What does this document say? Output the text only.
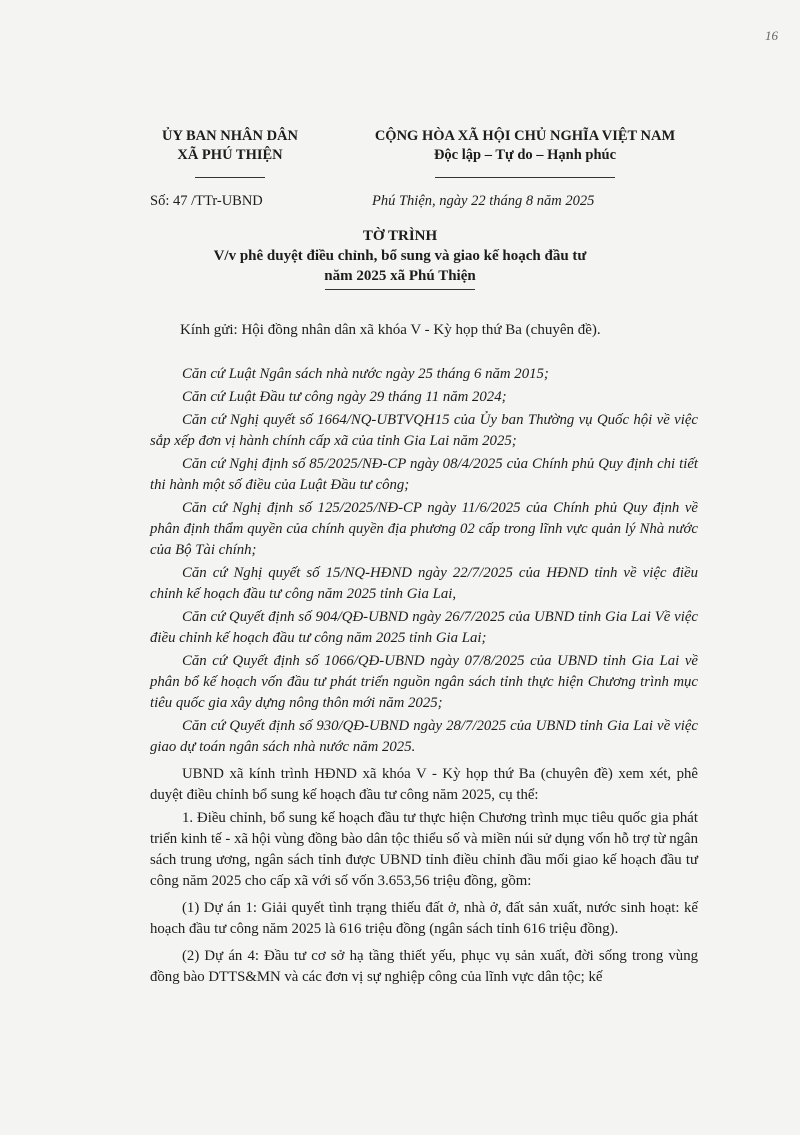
16
ỦY BAN NHÂN DÂN
XÃ PHÚ THIỆN
CỘNG HÒA XÃ HỘI CHỦ NGHĨA VIỆT NAM
Độc lập – Tự do – Hạnh phúc
Số: 47 /TTr-UBND	Phú Thiện, ngày 22 tháng 8 năm 2025
TỜ TRÌNH
V/v phê duyệt điều chỉnh, bổ sung và giao kế hoạch đầu tư
năm 2025 xã Phú Thiện
Kính gửi: Hội đồng nhân dân xã khóa V - Kỳ họp thứ Ba (chuyên đề).

Căn cứ Luật Ngân sách nhà nước ngày 25 tháng 6 năm 2015;

Căn cứ Luật Đầu tư công ngày 29 tháng 11 năm 2024;

Căn cứ Nghị quyết số 1664/NQ-UBTVQH15 của Ủy ban Thường vụ Quốc hội về việc sắp xếp đơn vị hành chính cấp xã của tỉnh Gia Lai năm 2025;

Căn cứ Nghị định số 85/2025/NĐ-CP ngày 08/4/2025 của Chính phủ Quy định chi tiết thi hành một số điều của Luật Đầu tư công;

Căn cứ Nghị định số 125/2025/NĐ-CP ngày 11/6/2025 của Chính phủ Quy định về phân định thẩm quyền của chính quyền địa phương 02 cấp trong lĩnh vực quản lý Nhà nước của Bộ Tài chính;

Căn cứ Nghị quyết số 15/NQ-HĐND ngày 22/7/2025 của HĐND tỉnh về việc điều chỉnh kế hoạch đầu tư công năm 2025 tỉnh Gia Lai,

Căn cứ Quyết định số 904/QĐ-UBND ngày 26/7/2025 của UBND tỉnh Gia Lai Về việc điều chỉnh kế hoạch đầu tư công năm 2025 tỉnh Gia Lai;

Căn cứ Quyết định số 1066/QĐ-UBND ngày 07/8/2025 của UBND tỉnh Gia Lai về phân bổ kế hoạch vốn đầu tư phát triển nguồn ngân sách tỉnh thực hiện Chương trình mục tiêu quốc gia xây dựng nông thôn mới năm 2025;

Căn cứ Quyết định số 930/QĐ-UBND ngày 28/7/2025 của UBND tỉnh Gia Lai về việc giao dự toán ngân sách nhà nước năm 2025.

UBND xã kính trình HĐND xã khóa V - Kỳ họp thứ Ba (chuyên đề) xem xét, phê duyệt điều chỉnh bổ sung kế hoạch đầu tư công năm 2025, cụ thể:

1. Điều chỉnh, bổ sung kế hoạch đầu tư thực hiện Chương trình mục tiêu quốc gia phát triển kinh tế - xã hội vùng đồng bào dân tộc thiểu số và miền núi sử dụng vốn hỗ trợ từ ngân sách trung ương, ngân sách tỉnh được UBND tỉnh điều chỉnh đầu mối giao kế hoạch đầu tư công năm 2025 cho cấp xã với số vốn 3.653,56 triệu đồng, gồm:

(1) Dự án 1: Giải quyết tình trạng thiếu đất ở, nhà ở, đất sản xuất, nước sinh hoạt: kế hoạch đầu tư công năm 2025 là 616 triệu đồng (ngân sách tỉnh 616 triệu đồng).

(2) Dự án 4: Đầu tư cơ sở hạ tầng thiết yếu, phục vụ sản xuất, đời sống trong vùng đồng bào DTTS&MN và các đơn vị sự nghiệp công của lĩnh vực dân tộc; kế
